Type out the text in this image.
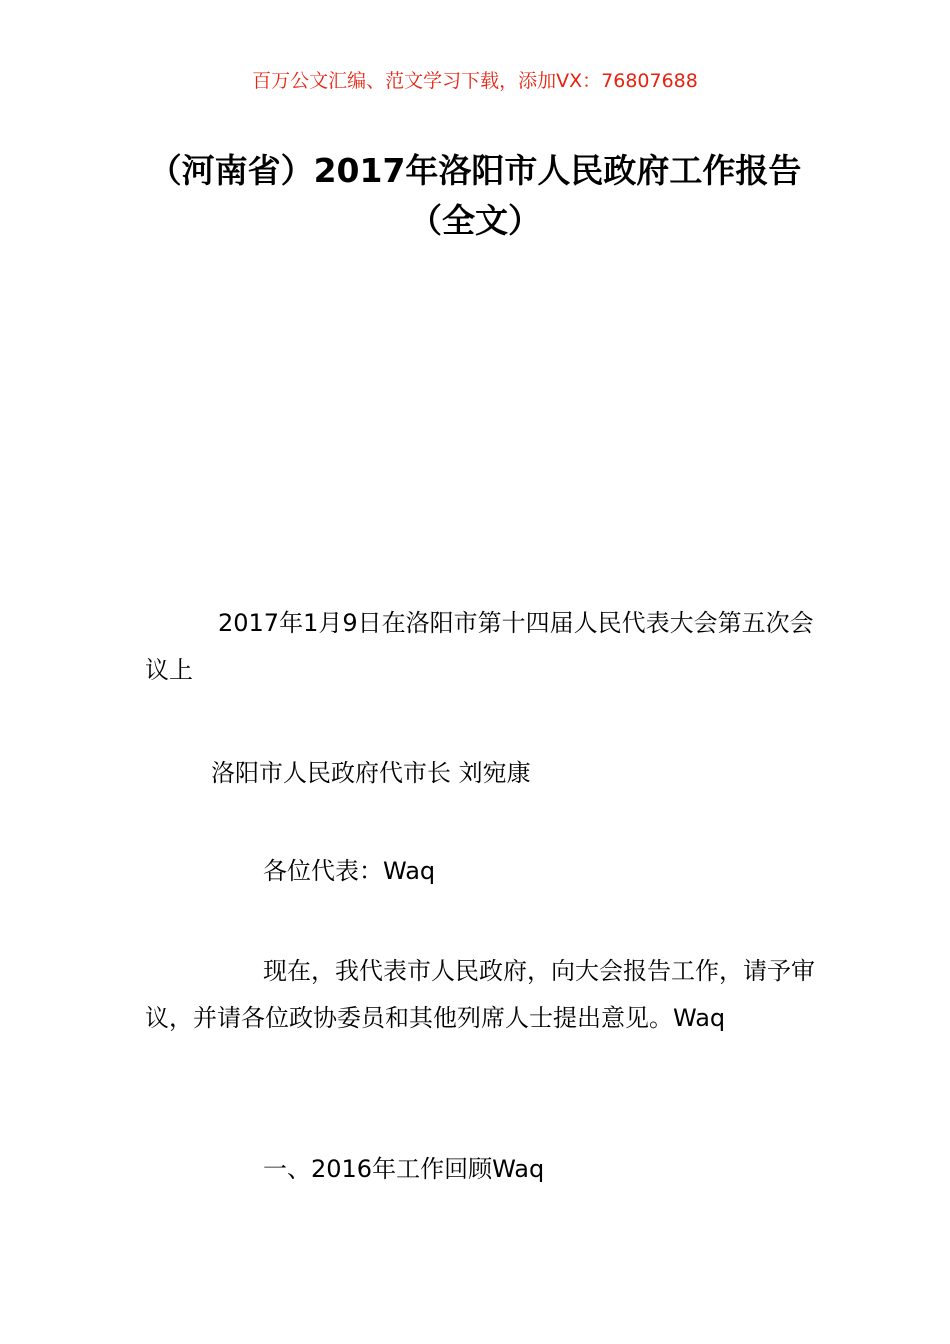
百万公文汇编、范文学习下载，添加VX：76807688
（河南省）2017年洛阳市人民政府工作报告（全文）
2017年1月9日在洛阳市第十四届人民代表大会第五次会议上
洛阳市人民政府代市长 刘宛康
各位代表：Waq
现在，我代表市人民政府，向大会报告工作，请予审议，并请各位政协委员和其他列席人士提出意见。Waq
一、2016年工作回顾Waq
